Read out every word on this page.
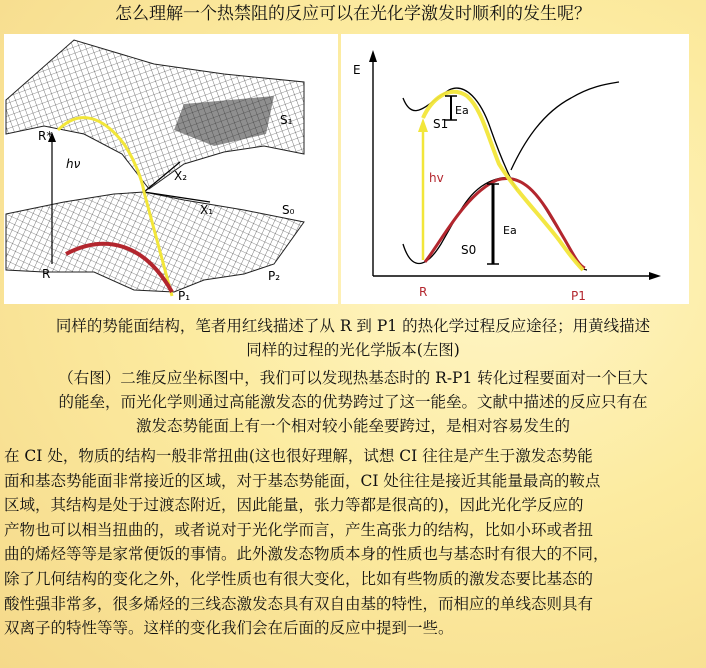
怎么理解一个热禁阻的反应可以在光化学激发时顺利的发生呢？
R*
hν
S₁
X₂
X₁	S₀
R	P₂
P₁
E
Ea
S1
hv
Ea
S0
R	P1
同样的势能面结构，笔者用红线描述了从 R 到 P1 的热化学过程反应途径；用黄线描述
同样的过程的光化学版本(左图)
（右图）二维反应坐标图中，我们可以发现热基态时的 R-P1 转化过程要面对一个巨大
的能垒，而光化学则通过高能激发态的优势跨过了这一能垒。文献中描述的反应只有在
激发态势能面上有一个相对较小能垒要跨过，是相对容易发生的
在 CI 处，物质的结构一般非常扭曲(这也很好理解，试想 CI 往往是产生于激发态势能
面和基态势能面非常接近的区域，对于基态势能面，CI 处往往是接近其能量最高的鞍点
区域，其结构是处于过渡态附近，因此能量，张力等都是很高的)，因此光化学反应的
产物也可以相当扭曲的，或者说对于光化学而言，产生高张力的结构，比如小环或者扭
曲的烯烃等等是家常便饭的事情。此外激发态物质本身的性质也与基态时有很大的不同，
除了几何结构的变化之外，化学性质也有很大变化，比如有些物质的激发态要比基态的
酸性强非常多，很多烯烃的三线态激发态具有双自由基的特性，而相应的单线态则具有
双离子的特性等等。这样的变化我们会在后面的反应中提到一些。
